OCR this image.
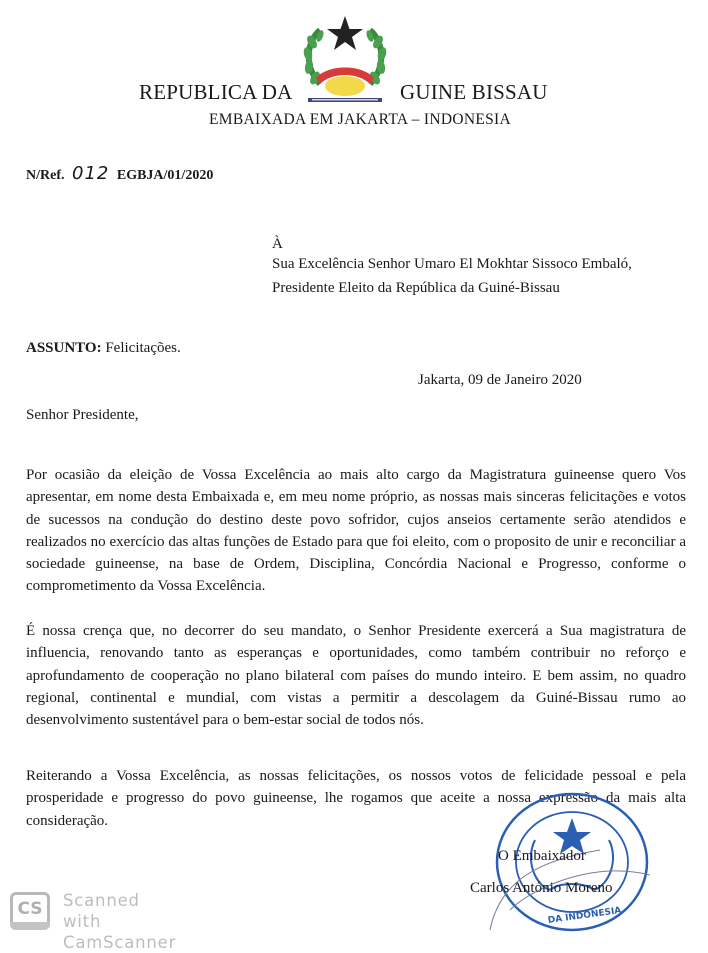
REPUBLICA DA	GUINE BISSAU
EMBAIXADA EM JAKARTA – INDONESIA
N/Ref. 012 EGBJA/01/2020
À
Sua Excelência Senhor Umaro El Mokhtar Sissoco Embaló,
Presidente Eleito da República da Guiné-Bissau
ASSUNTO: Felicitações.
Jakarta, 09 de Janeiro 2020
Senhor Presidente,

Por ocasião da eleição de Vossa Excelência ao mais alto cargo da Magistratura guineense quero Vos apresentar, em nome desta Embaixada e, em meu nome próprio, as nossas mais sinceras felicitações e votos de sucessos na condução do destino deste povo sofridor, cujos anseios certamente serão atendidos e realizados no exercício das altas funções de Estado para que foi eleito, com o proposito de unir e reconciliar a sociedade guineense, na base de Ordem, Disciplina, Concórdia Nacional e Progresso, conforme o comprometimento da Vossa Excelência.

É nossa crença que, no decorrer do seu mandato, o Senhor Presidente exercerá a Sua magistratura de influencia, renovando tanto as esperanças e oportunidades, como também contribuir no reforço e aprofundamento de cooperação no plano bilateral com países do mundo inteiro. E bem assim, no quadro regional, continental e mundial, com vistas a permitir a descolagem da Guiné-Bissau rumo ao desenvolvimento sustentável para o bem-estar social de todos nós.

Reiterando a Vossa Excelência, as nossas felicitações, os nossos votos de felicidade pessoal e pela prosperidade e progresso do povo guineense, lhe rogamos que aceite a nossa expressão da mais alta consideração.

DA INDONESIA
O Embaixador
Carlos António Moreno
CS	Scanned with
CamScanner
